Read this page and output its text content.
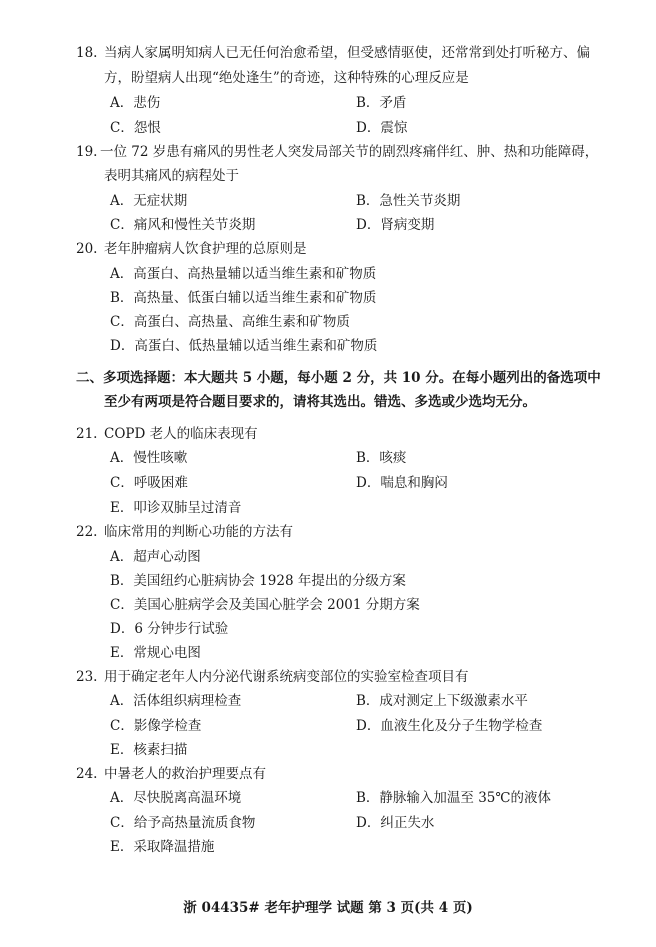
18. 当病人家属明知病人已无任何治愈希望，但受感情驱使，还常常到处打听秘方、偏
方，盼望病人出现“绝处逢生”的奇迹，这种特殊的心理反应是
A．悲伤	B．矛盾
C．怨恨	D．震惊
19. 一位 72 岁患有痛风的男性老人突发局部关节的剧烈疼痛伴红、肿、热和功能障碍，
表明其痛风的病程处于
A．无症状期	B．急性关节炎期
C．痛风和慢性关节炎期	D．肾病变期
20. 老年肿瘤病人饮食护理的总原则是
A．高蛋白、高热量辅以适当维生素和矿物质
B．高热量、低蛋白辅以适当维生素和矿物质
C．高蛋白、高热量、高维生素和矿物质
D．高蛋白、低热量辅以适当维生素和矿物质
二、多项选择题：本大题共 5 小题，每小题 2 分，共 10 分。在每小题列出的备选项中
至少有两项是符合题目要求的，请将其选出。错选、多选或少选均无分。
21. COPD 老人的临床表现有
A．慢性咳嗽	B．咳痰
C．呼吸困难	D．喘息和胸闷
E．叩诊双肺呈过清音
22. 临床常用的判断心功能的方法有
A．超声心动图
B．美国纽约心脏病协会 1928 年提出的分级方案
C．美国心脏病学会及美国心脏学会 2001 分期方案
D．6 分钟步行试验
E．常规心电图
23. 用于确定老年人内分泌代谢系统病变部位的实验室检查项目有
A．活体组织病理检查	B．成对测定上下级激素水平
C．影像学检查	D．血液生化及分子生物学检查
E．核素扫描
24. 中暑老人的救治护理要点有
A．尽快脱离高温环境	B．静脉输入加温至 35℃的液体
C．给予高热量流质食物	D．纠正失水
E．采取降温措施
浙 04435# 老年护理学 试题 第 3 页(共 4 页)
